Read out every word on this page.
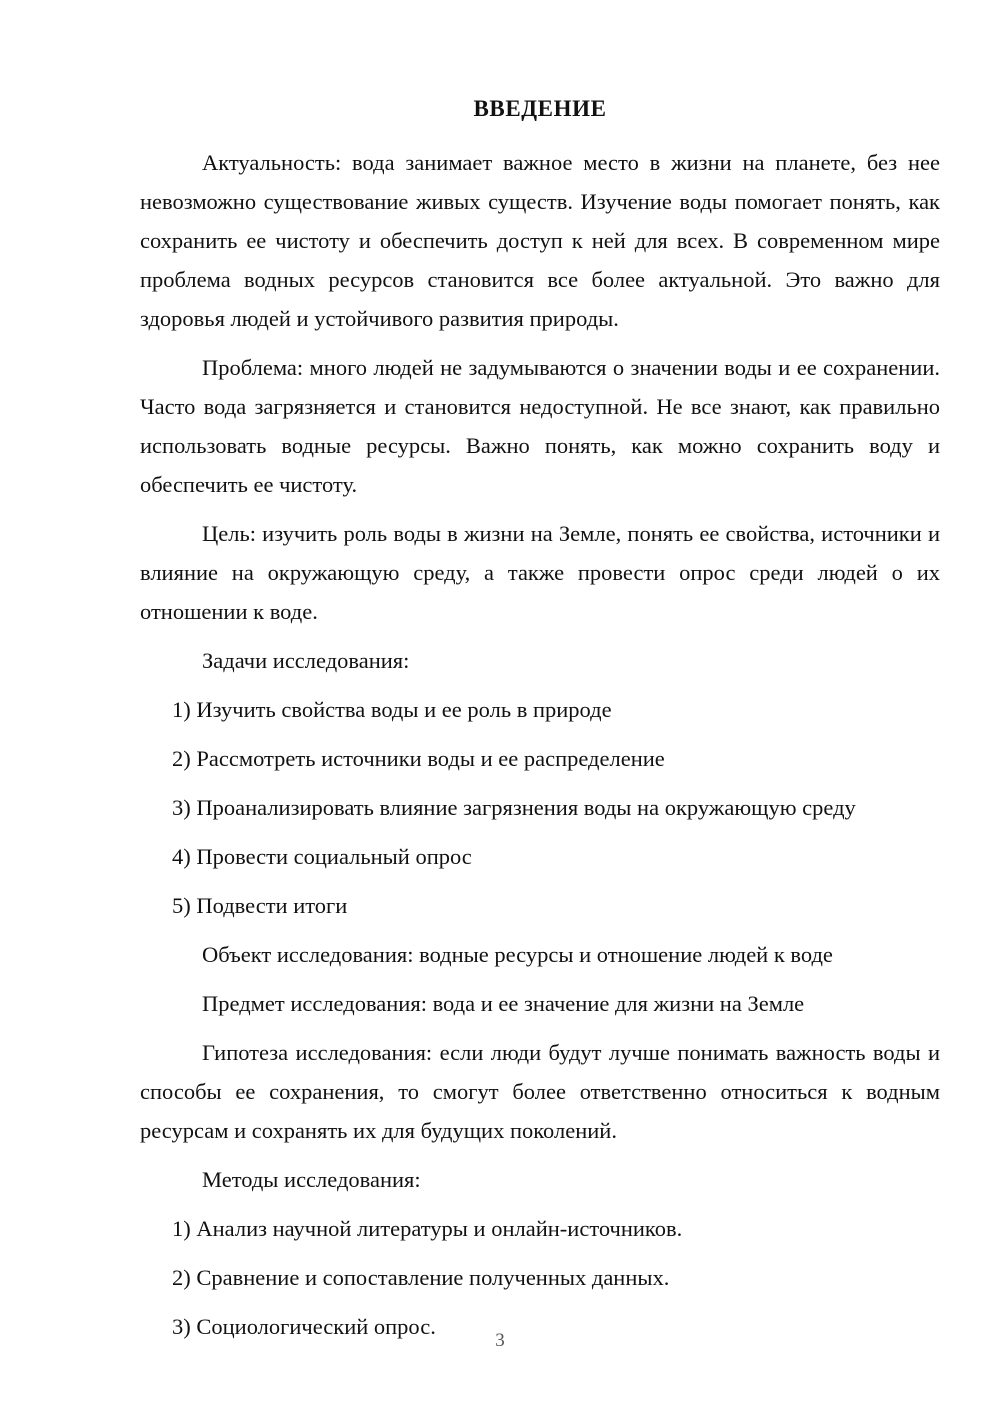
ВВЕДЕНИЕ

Актуальность: вода занимает важное место в жизни на планете, без нее невозможно существование живых существ. Изучение воды помогает понять, как сохранить ее чистоту и обеспечить доступ к ней для всех. В современном мире проблема водных ресурсов становится все более актуальной. Это важно для здоровья людей и устойчивого развития природы.

Проблема: много людей не задумываются о значении воды и ее сохранении. Часто вода загрязняется и становится недоступной. Не все знают, как правильно использовать водные ресурсы. Важно понять, как можно сохранить воду и обеспечить ее чистоту.

Цель: изучить роль воды в жизни на Земле, понять ее свойства, источники и влияние на окружающую среду, а также провести опрос среди людей о их отношении к воде.

Задачи исследования:

1) Изучить свойства воды и ее роль в природе

2) Рассмотреть источники воды и ее распределение

3) Проанализировать влияние загрязнения воды на окружающую среду

4) Провести социальный опрос

5) Подвести итоги

Объект исследования: водные ресурсы и отношение людей к воде

Предмет исследования: вода и ее значение для жизни на Земле

Гипотеза исследования: если люди будут лучше понимать важность воды и способы ее сохранения, то смогут более ответственно относиться к водным ресурсам и сохранять их для будущих поколений.

Методы исследования:

1) Анализ научной литературы и онлайн-источников.

2) Сравнение и сопоставление полученных данных.

3) Социологический опрос.

3
